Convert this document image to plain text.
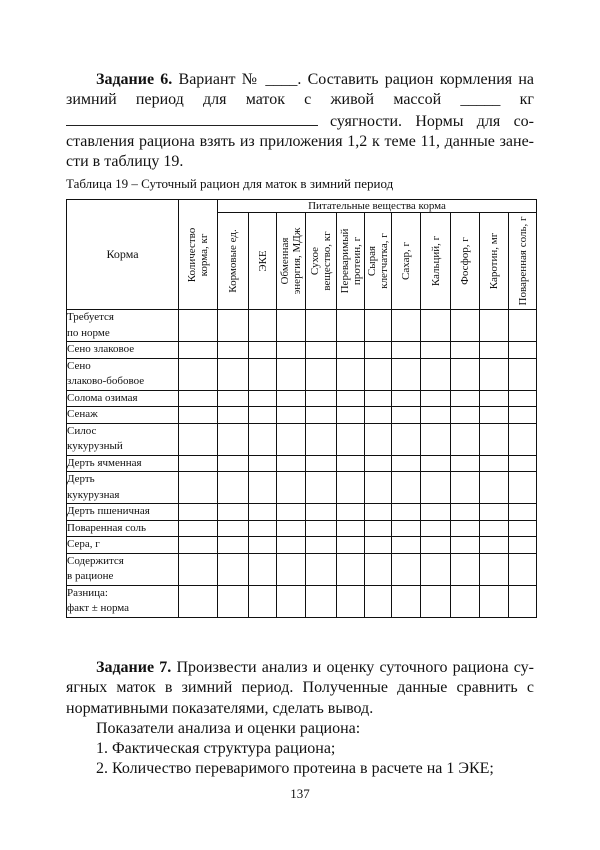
Задание 6. Вариант № ____. Составить рацион кормления на
зимний период для маток с живой массой _____ кг
суягности. Нормы для со-
ставления рациона взять из приложения 1,2 к теме 11, данные зане-
сти в таблицу 19.
Таблица 19 – Суточный рацион для маток в зимний период
Корма	Количество корма, кг	Питательные вещества корма										

Кормовые ед.	ЭКЕ	Обменная энергия, МДж	Сухое вещество, кг	Переваримый протеин, г	Сырая клетчатка, г	Сахар, г	Кальций, г	Фосфор, г	Каротин, мг	Поваренная соль, г

Требуется
по норме												

Сено злаковое												

Сено
злаково-бобовое												

Солома озимая												

Сенаж												

Силос
кукурузный												

Дерть ячменная												

Дерть
кукурузная												

Дерть пшеничная												

Поваренная соль												

Сера, г												

Содержится
в рационе												

Разница:
факт ± норма												

Задание 7. Произвести анализ и оценку суточного рациона су-
ягных маток в зимний период. Полученные данные сравнить с
нормативными показателями, сделать вывод.
Показатели анализа и оценки рациона:
1. Фактическая структура рациона;
2. Количество переваримого протеина в расчете на 1 ЭКЕ;
137
